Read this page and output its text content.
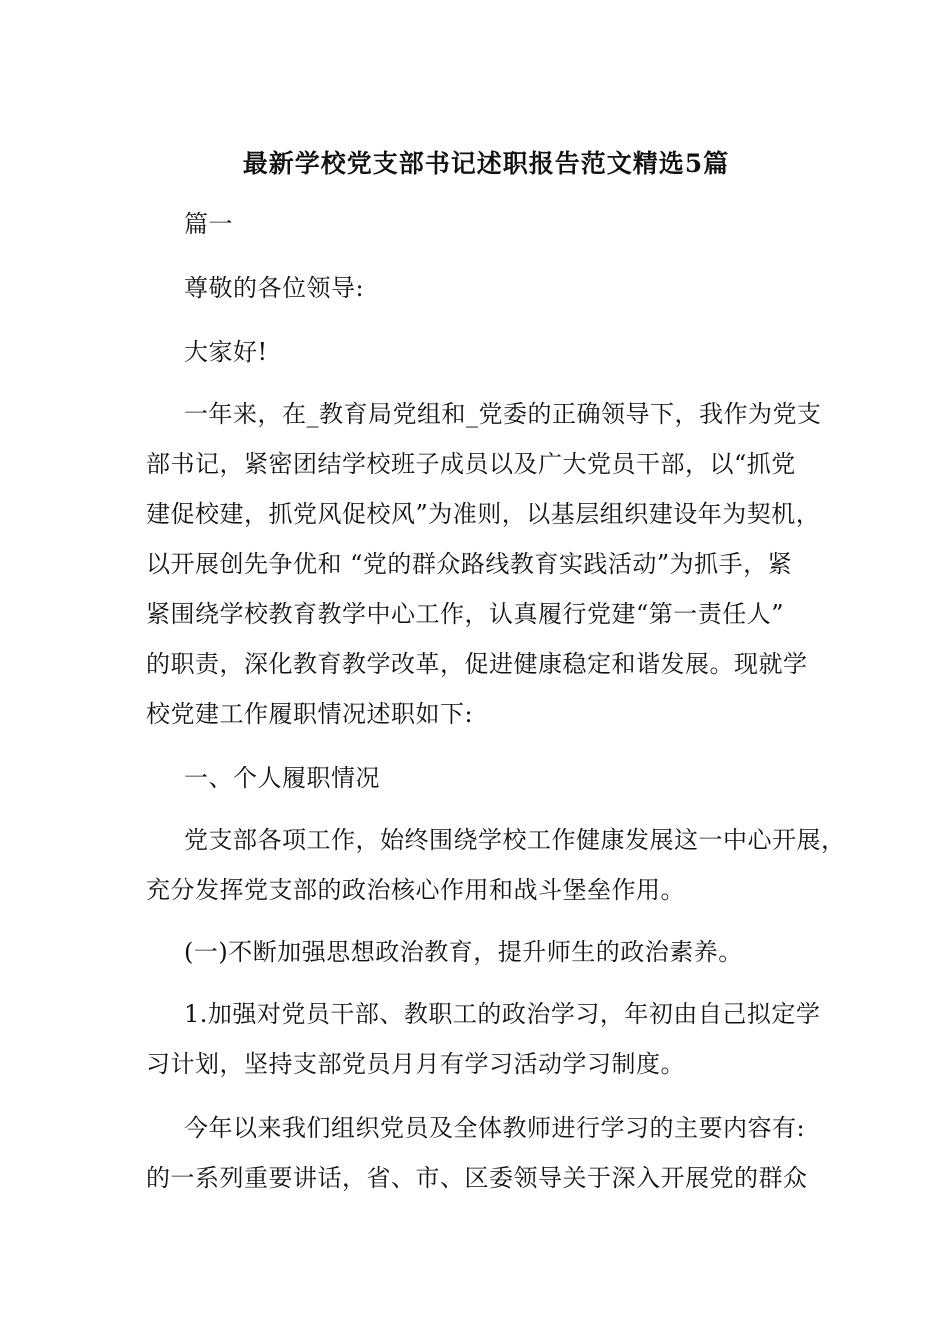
最新学校党支部书记述职报告范文精选5篇
篇一
尊敬的各位领导:
大家好!
一年来，在_教育局党组和_党委的正确领导下，我作为党支
部书记，紧密团结学校班子成员以及广大党员干部，以“抓党
建促校建，抓党风促校风”为准则，以基层组织建设年为契机，
以开展创先争优和 “党的群众路线教育实践活动”为抓手，紧
紧围绕学校教育教学中心工作，认真履行党建“第一责任人”
的职责，深化教育教学改革，促进健康稳定和谐发展。现就学
校党建工作履职情况述职如下:
一、个人履职情况
党支部各项工作，始终围绕学校工作健康发展这一中心开展，
充分发挥党支部的政治核心作用和战斗堡垒作用。
(一)不断加强思想政治教育，提升师生的政治素养。
1.加强对党员干部、教职工的政治学习，年初由自己拟定学
习计划，坚持支部党员月月有学习活动学习制度。
今年以来我们组织党员及全体教师进行学习的主要内容有:
的一系列重要讲话，省、市、区委领导关于深入开展党的群众
